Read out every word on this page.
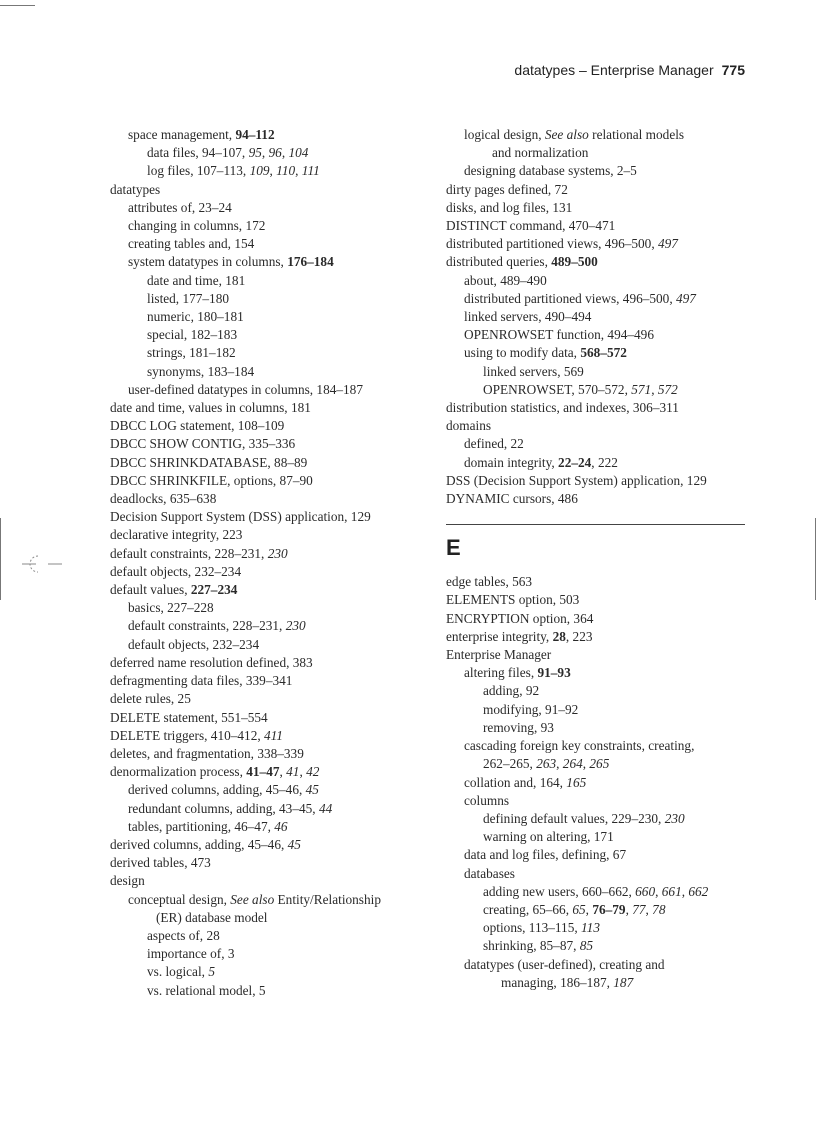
datatypes – Enterprise Manager 775
space management, 94–112
data files, 94–107, 95, 96, 104
log files, 107–113, 109, 110, 111
datatypes
attributes of, 23–24
changing in columns, 172
creating tables and, 154
system datatypes in columns, 176–184
date and time, 181
listed, 177–180
numeric, 180–181
special, 182–183
strings, 181–182
synonyms, 183–184
user-defined datatypes in columns, 184–187
date and time, values in columns, 181
DBCC LOG statement, 108–109
DBCC SHOW CONTIG, 335–336
DBCC SHRINKDATABASE, 88–89
DBCC SHRINKFILE, options, 87–90
deadlocks, 635–638
Decision Support System (DSS) application, 129
declarative integrity, 223
default constraints, 228–231, 230
default objects, 232–234
default values, 227–234
basics, 227–228
default constraints, 228–231, 230
default objects, 232–234
deferred name resolution defined, 383
defragmenting data files, 339–341
delete rules, 25
DELETE statement, 551–554
DELETE triggers, 410–412, 411
deletes, and fragmentation, 338–339
denormalization process, 41–47, 41, 42
derived columns, adding, 45–46, 45
redundant columns, adding, 43–45, 44
tables, partitioning, 46–47, 46
derived columns, adding, 45–46, 45
derived tables, 473
design
conceptual design, See also Entity/Relationship
(ER) database model
aspects of, 28
importance of, 3
vs. logical, 5
vs. relational model, 5
logical design, See also relational models
and normalization
designing database systems, 2–5
dirty pages defined, 72
disks, and log files, 131
DISTINCT command, 470–471
distributed partitioned views, 496–500, 497
distributed queries, 489–500
about, 489–490
distributed partitioned views, 496–500, 497
linked servers, 490–494
OPENROWSET function, 494–496
using to modify data, 568–572
linked servers, 569
OPENROWSET, 570–572, 571, 572
distribution statistics, and indexes, 306–311
domains
defined, 22
domain integrity, 22–24, 222
DSS (Decision Support System) application, 129
DYNAMIC cursors, 486
E
edge tables, 563
ELEMENTS option, 503
ENCRYPTION option, 364
enterprise integrity, 28, 223
Enterprise Manager
altering files, 91–93
adding, 92
modifying, 91–92
removing, 93
cascading foreign key constraints, creating,
262–265, 263, 264, 265
collation and, 164, 165
columns
defining default values, 229–230, 230
warning on altering, 171
data and log files, defining, 67
databases
adding new users, 660–662, 660, 661, 662
creating, 65–66, 65, 76–79, 77, 78
options, 113–115, 113
shrinking, 85–87, 85
datatypes (user-defined), creating and
managing, 186–187, 187
